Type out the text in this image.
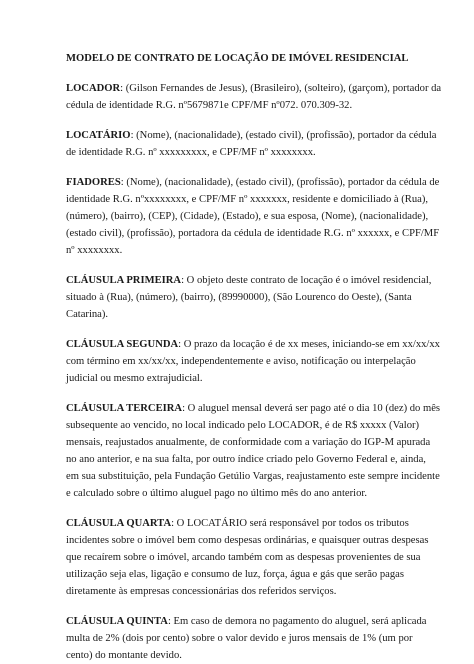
MODELO DE CONTRATO DE LOCAÇÃO DE IMÓVEL RESIDENCIAL
LOCADOR: (Gilson Fernandes de Jesus), (Brasileiro), (solteiro), (garçom), portador da
cédula de identidade R.G. nº5679871e CPF/MF nº072. 070.309-32.
LOCATÁRIO: (Nome), (nacionalidade), (estado civil), (profissão), portador da cédula
de identidade R.G. nº xxxxxxxxx, e CPF/MF nº xxxxxxxx.
FIADORES: (Nome), (nacionalidade), (estado civil), (profissão), portador da cédula de
identidade R.G. nºxxxxxxxx, e CPF/MF nº xxxxxxx, residente e domiciliado à (Rua),
(número), (bairro), (CEP), (Cidade), (Estado), e sua esposa, (Nome), (nacionalidade),
(estado civil), (profissão), portadora da cédula de identidade R.G. nº xxxxxx, e CPF/MF
nº xxxxxxxx.
CLÁUSULA PRIMEIRA: O objeto deste contrato de locação é o imóvel residencial,
situado à (Rua), (número), (bairro), (89990000), (São Lourenco do Oeste), (Santa
Catarina).
CLÁUSULA SEGUNDA: O prazo da locação é de xx meses, iniciando-se em xx/xx/xx
com término em xx/xx/xx, independentemente e aviso, notificação ou interpelação
judicial ou mesmo extrajudicial.
CLÁUSULA TERCEIRA: O aluguel mensal deverá ser pago até o dia 10 (dez) do mês
subsequente ao vencido, no local indicado pelo LOCADOR, é de R$ xxxxx (Valor)
mensais, reajustados anualmente, de conformidade com a variação do IGP-M apurada
no ano anterior, e na sua falta, por outro índice criado pelo Governo Federal e, ainda,
em sua substituição, pela Fundação Getúlio Vargas, reajustamento este sempre incidente
e calculado sobre o último aluguel pago no último mês do ano anterior.
CLÁUSULA QUARTA: O LOCATÁRIO será responsável por todos os tributos
incidentes sobre o imóvel bem como despesas ordinárias, e quaisquer outras despesas
que recaírem sobre o imóvel, arcando também com as despesas provenientes de sua
utilização seja elas, ligação e consumo de luz, força, água e gás que serão pagas
diretamente às empresas concessionárias dos referidos serviços.
CLÁUSULA QUINTA: Em caso de demora no pagamento do aluguel, será aplicada
multa de 2% (dois por cento) sobre o valor devido e juros mensais de 1% (um por
cento) do montante devido.
